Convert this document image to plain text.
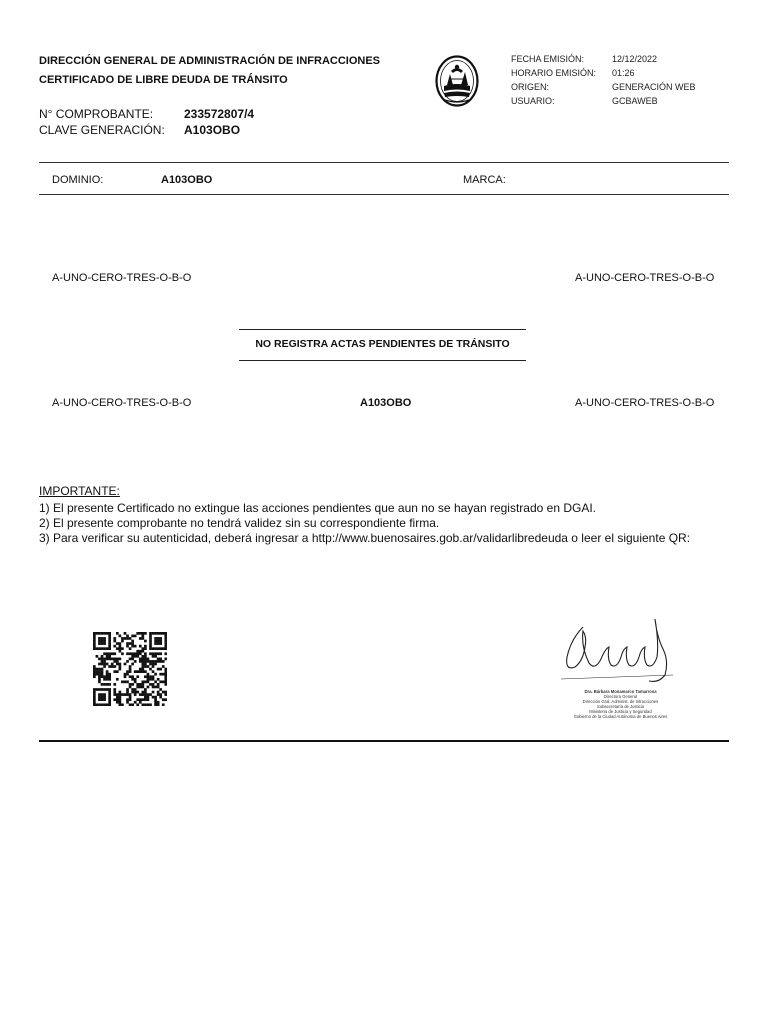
DIRECCIÓN GENERAL DE ADMINISTRACIÓN DE INFRACCIONES
CERTIFICADO DE LIBRE DEUDA DE TRÁNSITO
N° COMPROBANTE:	233572807/4
CLAVE GENERACIÓN: A103OBO
FECHA EMISIÓN:	12/12/2022
HORARIO EMISIÓN: 01:26
ORIGEN:	GENERACIÓN WEB
USUARIO:	GCBAWEB
DOMINIO:	A103OBO	MARCA:
A-UNO-CERO-TRES-O-B-O	A-UNO-CERO-TRES-O-B-O
NO REGISTRA ACTAS PENDIENTES DE TRÁNSITO
A-UNO-CERO-TRES-O-B-O	A103OBO	A-UNO-CERO-TRES-O-B-O
IMPORTANTE:
1) El presente Certificado no extingue las acciones pendientes que aun no se hayan registrado en DGAI.
2) El presente comprobante no tendrá validez sin su correspondiente firma.
3) Para verificar su autenticidad, deberá ingresar a http://www.buenosaires.gob.ar/validarlibredeuda o leer el siguiente QR:
Dra. Bárbara Monamarco Tamarrosa
Directora General
Dirección Gral. Administ. de Infracciones
Subsecretaría de Justicia
Ministerio de Justicia y Seguridad
Gobierno de la Ciudad Autónoma de Buenos Aires
